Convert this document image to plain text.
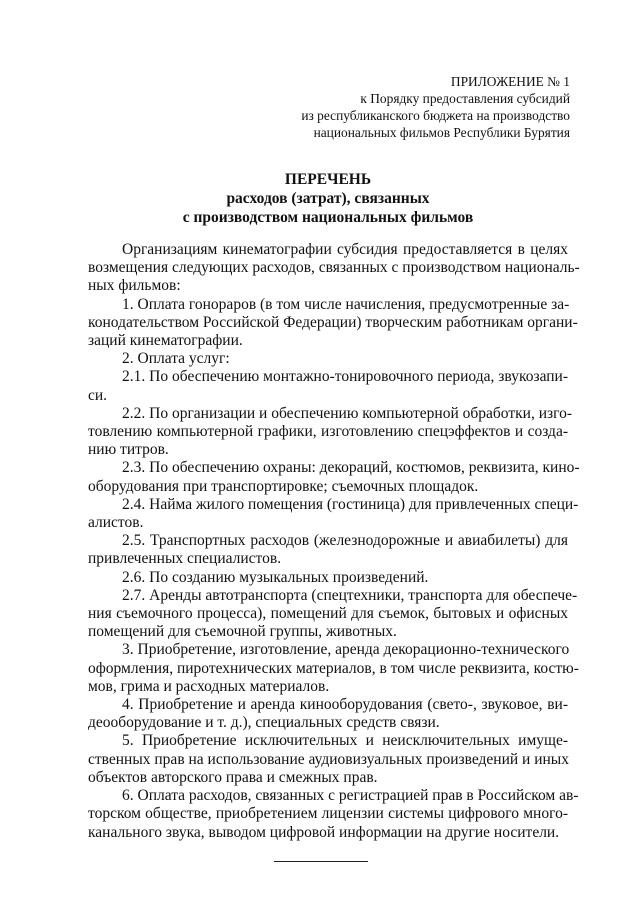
ПРИЛОЖЕНИЕ № 1
к Порядку предоставления субсидий
из республиканского бюджета на производство
национальных фильмов Республики Бурятия
ПЕРЕЧЕНЬ
расходов (затрат), связанных
с производством национальных фильмов
Организациям кинематографии субсидия предоставляется в целях
возмещения следующих расходов, связанных с производством националь-
ных фильмов:
1. Оплата гонораров (в том числе начисления, предусмотренные за-
конодательством Российской Федерации) творческим работникам органи-
заций кинематографии.
2. Оплата услуг:
2.1. По обеспечению монтажно-тонировочного периода, звукозапи-
си.
2.2. По организации и обеспечению компьютерной обработки, изго-
товлению компьютерной графики, изготовлению спецэффектов и созда-
нию титров.
2.3. По обеспечению охраны: декораций, костюмов, реквизита, кино-
оборудования при транспортировке; съемочных площадок.
2.4. Найма жилого помещения (гостиница) для привлеченных специ-
алистов.
2.5. Транспортных расходов (железнодорожные и авиабилеты) для
привлеченных специалистов.
2.6. По созданию музыкальных произведений.
2.7. Аренды автотранспорта (спецтехники, транспорта для обеспече-
ния съемочного процесса), помещений для съемок, бытовых и офисных
помещений для съемочной группы, животных.
3. Приобретение, изготовление, аренда декорационно-технического
оформления, пиротехнических материалов, в том числе реквизита, костю-
мов, грима и расходных материалов.
4. Приобретение и аренда кинооборудования (свето-, звуковое, ви-
деооборудование и т. д.), специальных средств связи.
5. Приобретение исключительных и неисключительных имуще-
ственных прав на использование аудиовизуальных произведений и иных
объектов авторского права и смежных прав.
6. Оплата расходов, связанных с регистрацией прав в Российском ав-
торском обществе, приобретением лицензии системы цифрового много-
канального звука, выводом цифровой информации на другие носители.
